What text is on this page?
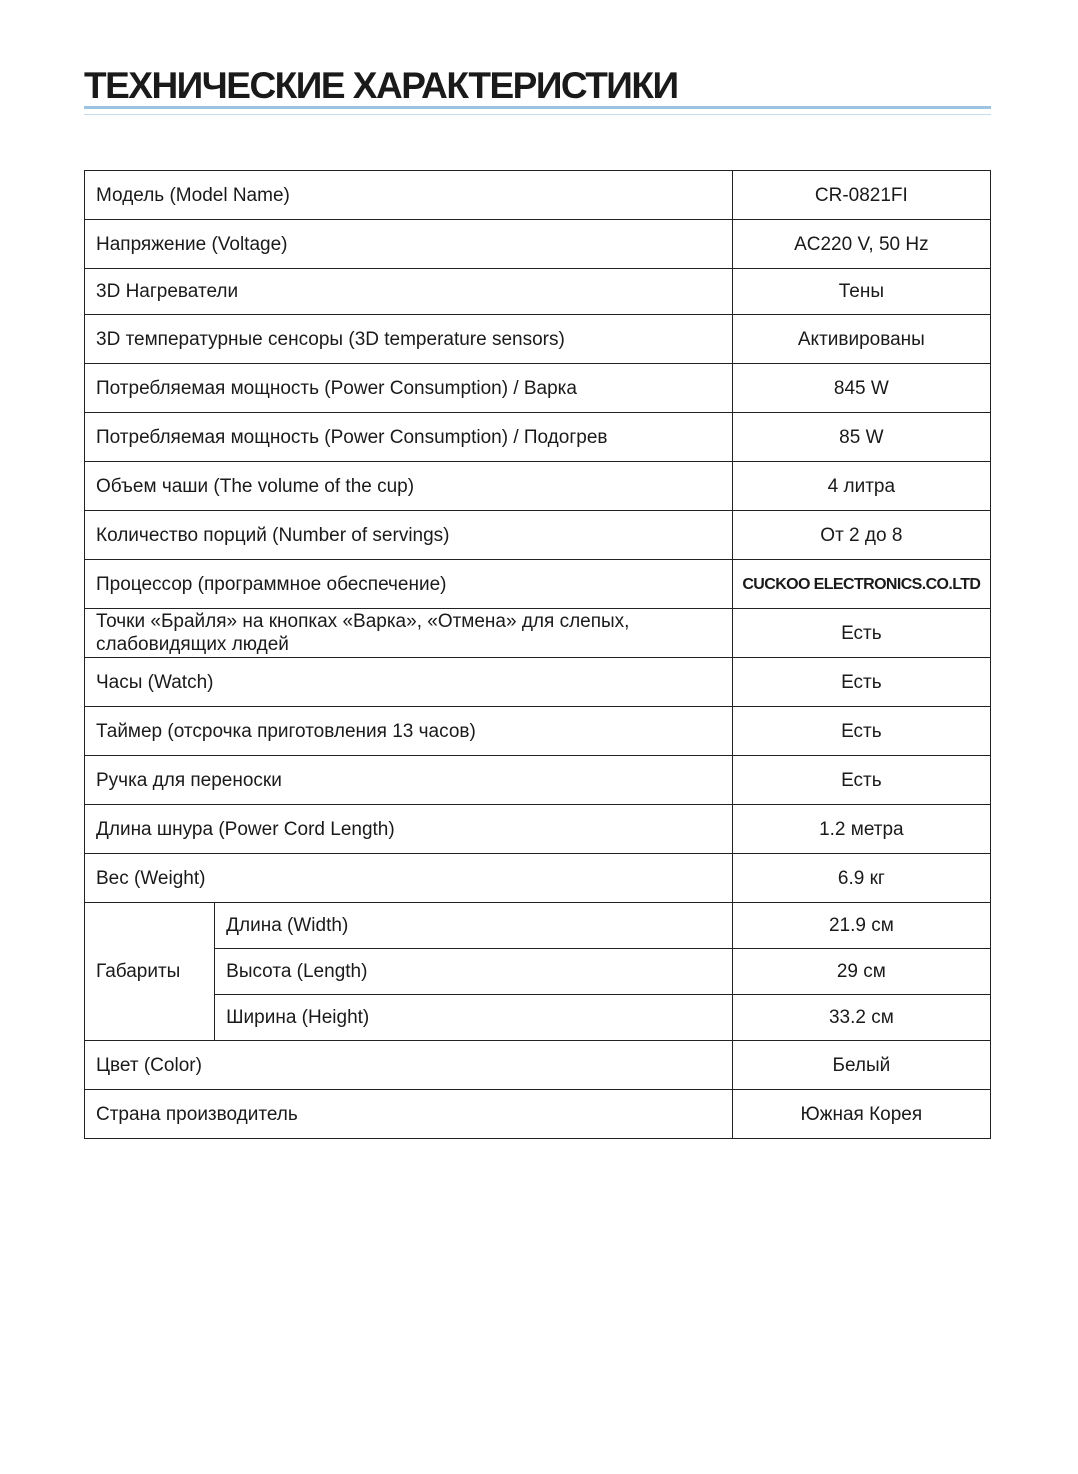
ТЕХНИЧЕСКИЕ ХАРАКТЕРИСТИКИ
Модель (Model Name)		CR-0821FI
Напряжение (Voltage)		AC220 V, 50 Hz
3D Нагреватели		Тены
3D температурные сенсоры (3D temperature sensors)		Активированы
Потребляемая мощность (Power Consumption) / Варка		845 W
Потребляемая мощность (Power Consumption) / Подогрев		85 W
Объем чаши (The volume of the cup)		4 литра
Количество порций (Number of servings)		От 2 до 8
Процессор (программное обеспечение)		CUCKOO ELECTRONICS.CO.LTD
Точки «Брайля» на кнопках «Варка», «Отмена» для слепых, слабовидящих людей		Есть
Часы (Watch)		Есть
Таймер (отсрочка приготовления 13 часов)		Есть
Ручка для переноски		Есть
Длина шнура (Power Cord Length)		1.2 метра
Вес (Weight)		6.9 кг
Габариты	Длина (Width)	21.9 см
	Высота (Length)	29 см
	Ширина (Height)	33.2 см
Цвет (Color)		Белый
Страна производитель		Южная Корея
